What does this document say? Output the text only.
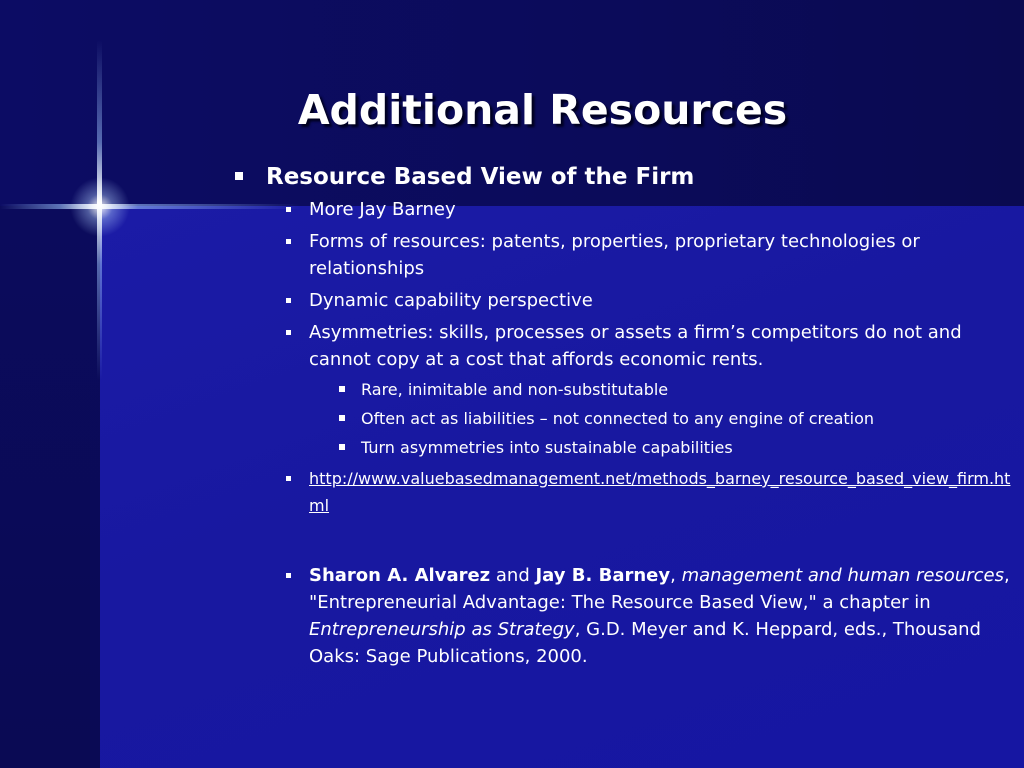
Additional Resources
Resource Based View of the Firm
More Jay Barney
Forms of resources: patents, properties, proprietary technologies or relationships
Dynamic capability perspective
Asymmetries: skills, processes or assets a firm’s competitors do not and cannot copy at a cost that affords economic rents.
Rare, inimitable and non-substitutable
Often act as liabilities – not connected to any engine of creation
Turn asymmetries into sustainable capabilities
http://www.valuebasedmanagement.net/methods_barney_resource_based_view_firm.html
Sharon A. Alvarez and Jay B. Barney, management and human resources, "Entrepreneurial Advantage: The Resource Based View," a chapter in Entrepreneurship as Strategy, G.D. Meyer and K. Heppard, eds., Thousand Oaks: Sage Publications, 2000.
